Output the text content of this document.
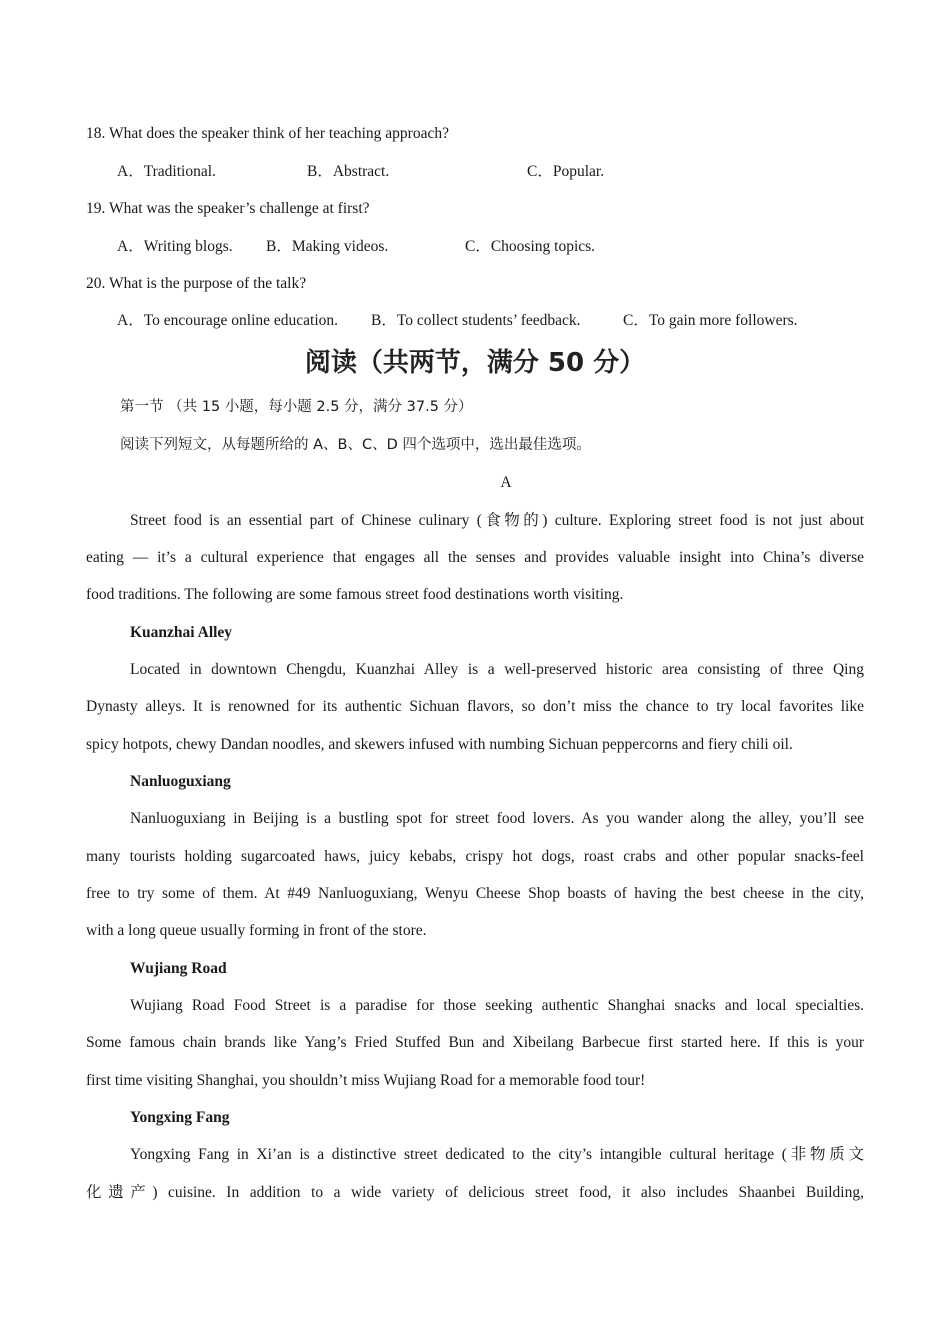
18. What does the speaker think of her teaching approach?
A．Traditional.	B．Abstract.	C．Popular.
19. What was the speaker’s challenge at first?
A．Writing blogs. B．Making videos.	C．Choosing topics.
20. What is the purpose of the talk?
A．To encourage online education. B．To collect students’ feedback.	C．To gain more followers.
阅读（共两节，满分 50 分）
第一节 （共 15 小题，每小题 2.5 分，满分 37.5 分）
阅读下列短文，从每题所给的 A、B、C、D 四个选项中，选出最佳选项。
A
Street food is an essential part of Chinese culinary (食物的) culture. Exploring street food is not just about
eating — it’s a cultural experience that engages all the senses and provides valuable insight into China’s diverse
food traditions. The following are some famous street food destinations worth visiting.
Kuanzhai Alley
Located in downtown Chengdu, Kuanzhai Alley is a well-preserved historic area consisting of three Qing
Dynasty alleys. It is renowned for its authentic Sichuan flavors, so don’t miss the chance to try local favorites like
spicy hotpots, chewy Dandan noodles, and skewers infused with numbing Sichuan peppercorns and fiery chili oil.
Nanluoguxiang
Nanluoguxiang in Beijing is a bustling spot for street food lovers. As you wander along the alley, you’ll see
many tourists holding sugarcoated haws, juicy kebabs, crispy hot dogs, roast crabs and other popular snacks-feel
free to try some of them. At #49 Nanluoguxiang, Wenyu Cheese Shop boasts of having the best cheese in the city,
with a long queue usually forming in front of the store.
Wujiang Road
Wujiang Road Food Street is a paradise for those seeking authentic Shanghai snacks and local specialties.
Some famous chain brands like Yang’s Fried Stuffed Bun and Xibeilang Barbecue first started here. If this is your
first time visiting Shanghai, you shouldn’t miss Wujiang Road for a memorable food tour!
Yongxing Fang
Yongxing Fang in Xi’an is a distinctive street dedicated to the city’s intangible cultural heritage (非物质文
化遗产) cuisine. In addition to a wide variety of delicious street food, it also includes Shaanbei Building,
